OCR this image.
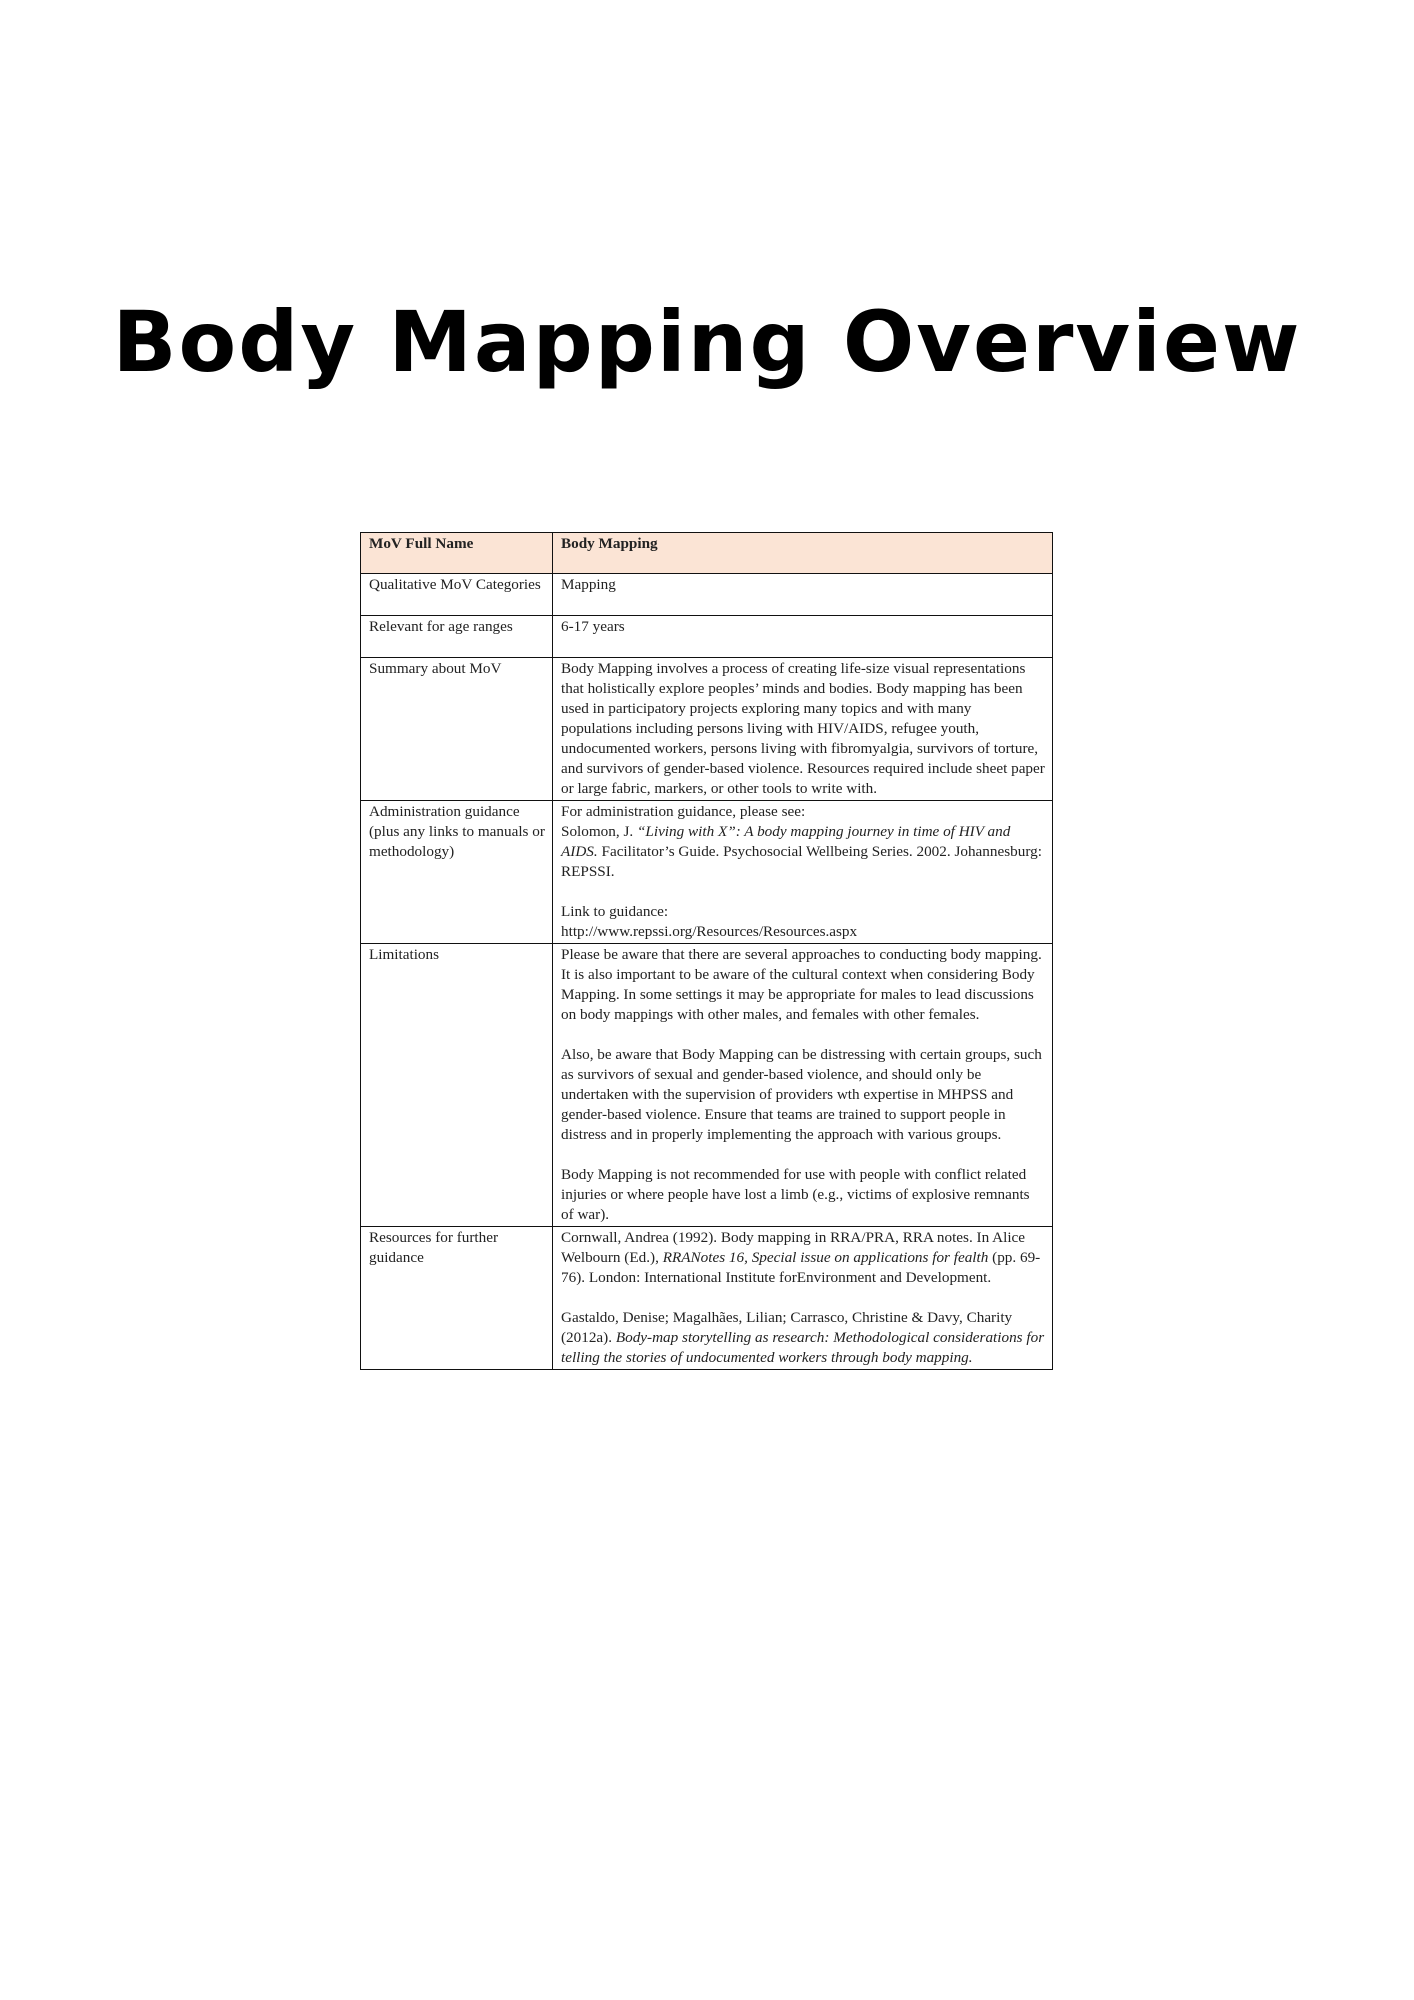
Body Mapping Overview
MoV Full Name	Body Mapping
Qualitative MoV Categories	Mapping
Relevant for age ranges	6-17 years
Summary about MoV	Body Mapping involves a process of creating life-size visual representations that holistically explore peoples’ minds and bodies. Body mapping has been used in participatory projects exploring many topics and with many populations including persons living with HIV/AIDS, refugee youth, undocumented workers, persons living with fibromyalgia, survivors of torture, and survivors of gender-based violence. Resources required include sheet paper or large fabric, markers, or other tools to write with.
Administration guidance (plus any links to manuals or methodology)	For administration guidance, please see:
Solomon, J. “Living with X”: A body mapping journey in time of HIV and AIDS. Facilitator’s Guide. Psychosocial Wellbeing Series. 2002. Johannesburg: REPSSI.
Link to guidance:
http://www.repssi.org/Resources/Resources.aspx

Limitations	Please be aware that there are several approaches to conducting body mapping. It is also important to be aware of the cultural context when considering Body Mapping. In some settings it may be appropriate for males to lead discussions on body mappings with other males, and females with other females.
Also, be aware that Body Mapping can be distressing with certain groups, such as survivors of sexual and gender-based violence, and should only be undertaken with the supervision of providers wth expertise in MHPSS and gender-based violence. Ensure that teams are trained to support people in distress and in properly implementing the approach with various groups.
Body Mapping is not recommended for use with people with conflict related injuries or where people have lost a limb (e.g., victims of explosive remnants of war).

Resources for further guidance	Cornwall, Andrea (1992). Body mapping in RRA/PRA, RRA notes. In Alice Welbourn (Ed.), RRANotes 16, Special issue on applications for fealth (pp. 69-76). London: International Institute forEnvironment and Development.
Gastaldo, Denise; Magalhães, Lilian; Carrasco, Christine & Davy, Charity (2012a). Body-map storytelling as research: Methodological considerations for telling the stories of undocumented workers through body mapping.
